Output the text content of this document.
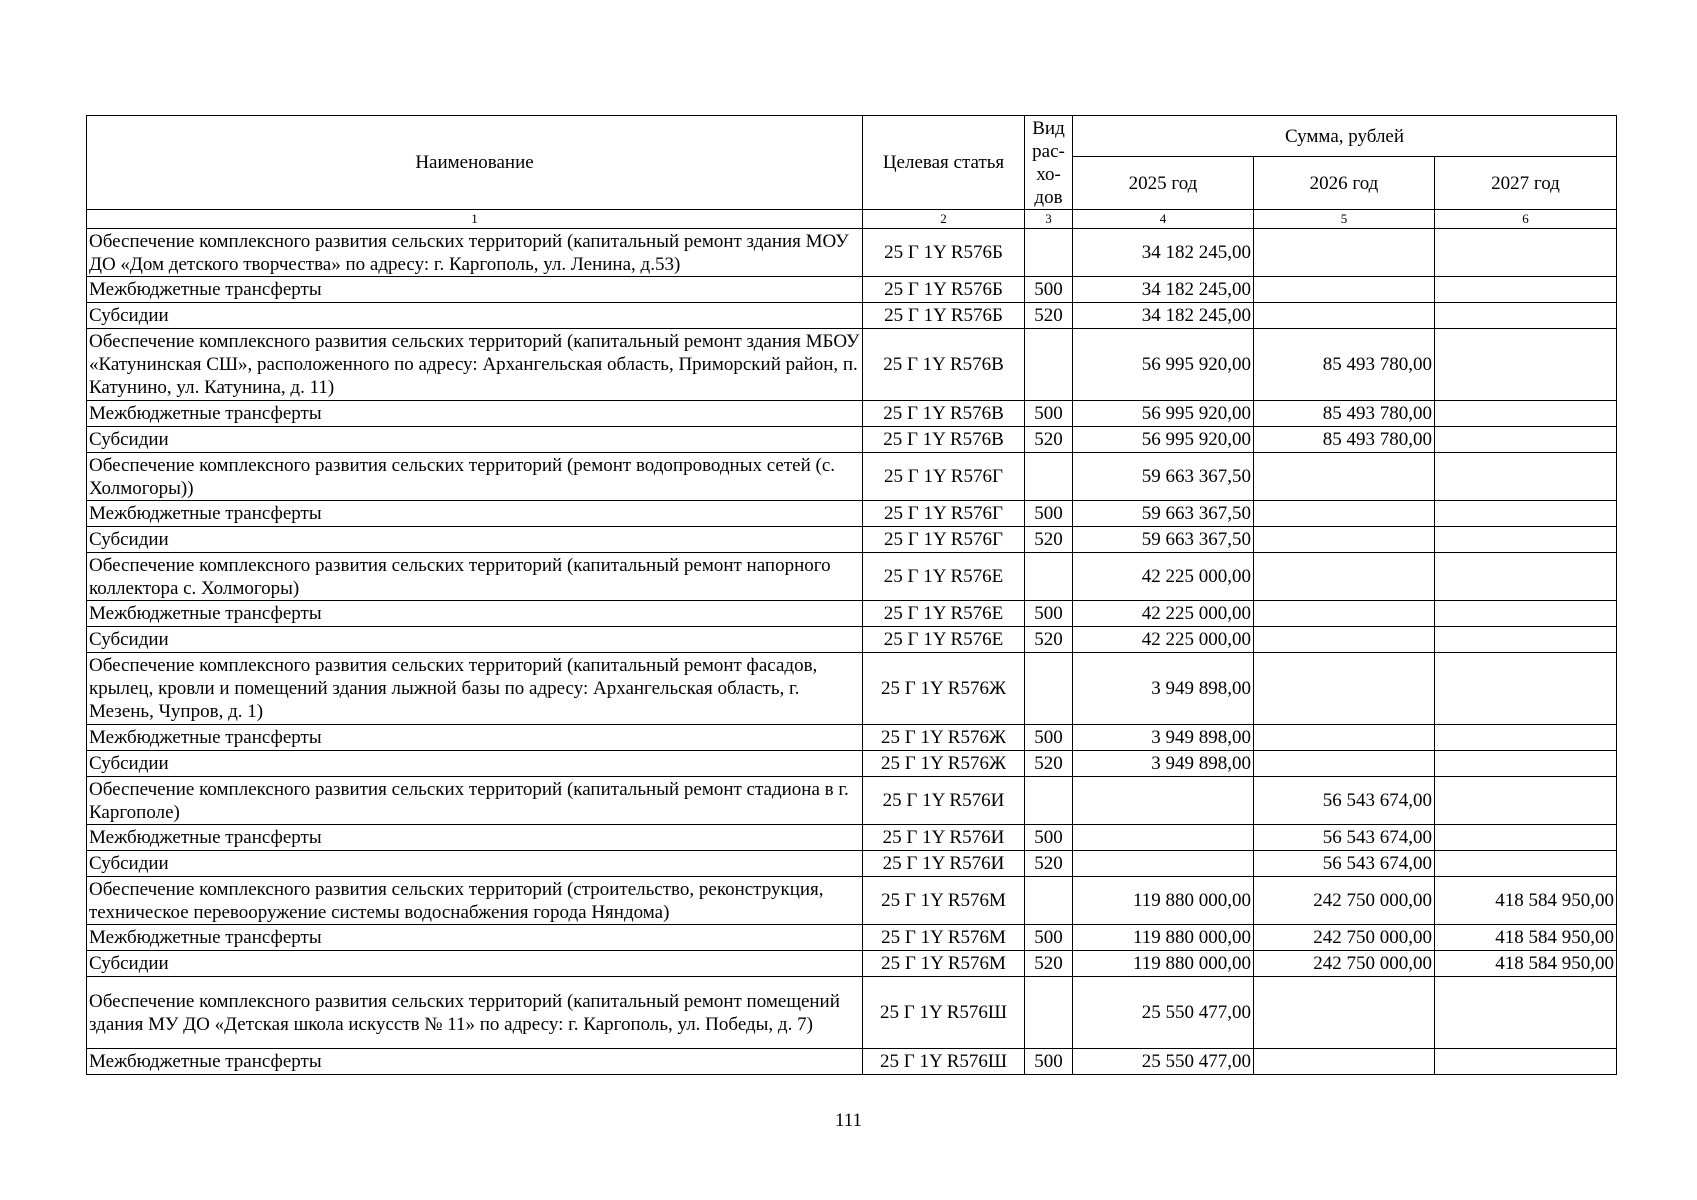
Наименование	Целевая статья	Вид рас-хо-дов	Сумма, рублей		
			2025 год	2026 год	2027 год
1	2	3	4	5	6
Обеспечение комплексного развития сельских территорий (капитальный ремонт здания МОУ ДО «Дом детского творчества» по адресу: г. Каргополь, ул. Ленина, д.53)	25 Г 1Y R576Б		34 182 245,00		
Межбюджетные трансферты	25 Г 1Y R576Б	500	34 182 245,00		
Субсидии	25 Г 1Y R576Б	520	34 182 245,00		
Обеспечение комплексного развития сельских территорий (капитальный ремонт здания МБОУ «Катунинская СШ», расположенного по адресу: Архангельская область, Приморский район, п. Катунино, ул. Катунина, д. 11)	25 Г 1Y R576В		56 995 920,00	85 493 780,00	
Межбюджетные трансферты	25 Г 1Y R576В	500	56 995 920,00	85 493 780,00	
Субсидии	25 Г 1Y R576В	520	56 995 920,00	85 493 780,00	
Обеспечение комплексного развития сельских территорий (ремонт водопроводных сетей (с. Холмогоры))	25 Г 1Y R576Г		59 663 367,50		
Межбюджетные трансферты	25 Г 1Y R576Г	500	59 663 367,50		
Субсидии	25 Г 1Y R576Г	520	59 663 367,50		
Обеспечение комплексного развития сельских территорий (капитальный ремонт напорного коллектора с. Холмогоры)	25 Г 1Y R576Е		42 225 000,00		
Межбюджетные трансферты	25 Г 1Y R576Е	500	42 225 000,00		
Субсидии	25 Г 1Y R576Е	520	42 225 000,00		
Обеспечение комплексного развития сельских территорий (капитальный ремонт фасадов, крылец, кровли и помещений здания лыжной базы по адресу: Архангельская область, г. Мезень, Чупров, д. 1)	25 Г 1Y R576Ж		3 949 898,00		
Межбюджетные трансферты	25 Г 1Y R576Ж	500	3 949 898,00		
Субсидии	25 Г 1Y R576Ж	520	3 949 898,00		
Обеспечение комплексного развития сельских территорий (капитальный ремонт стадиона в г. Каргополе)	25 Г 1Y R576И			56 543 674,00	
Межбюджетные трансферты	25 Г 1Y R576И	500		56 543 674,00	
Субсидии	25 Г 1Y R576И	520		56 543 674,00	
Обеспечение комплексного развития сельских территорий (строительство, реконструкция, техническое перевооружение системы водоснабжения города Няндома)	25 Г 1Y R576М		119 880 000,00	242 750 000,00	418 584 950,00
Межбюджетные трансферты	25 Г 1Y R576М	500	119 880 000,00	242 750 000,00	418 584 950,00
Субсидии	25 Г 1Y R576М	520	119 880 000,00	242 750 000,00	418 584 950,00
Обеспечение комплексного развития сельских территорий (капитальный ремонт помещений здания МУ ДО «Детская школа искусств № 11» по адресу: г. Каргополь, ул. Победы, д. 7)	25 Г 1Y R576Ш		25 550 477,00		
Межбюджетные трансферты	25 Г 1Y R576Ш	500	25 550 477,00		
111
